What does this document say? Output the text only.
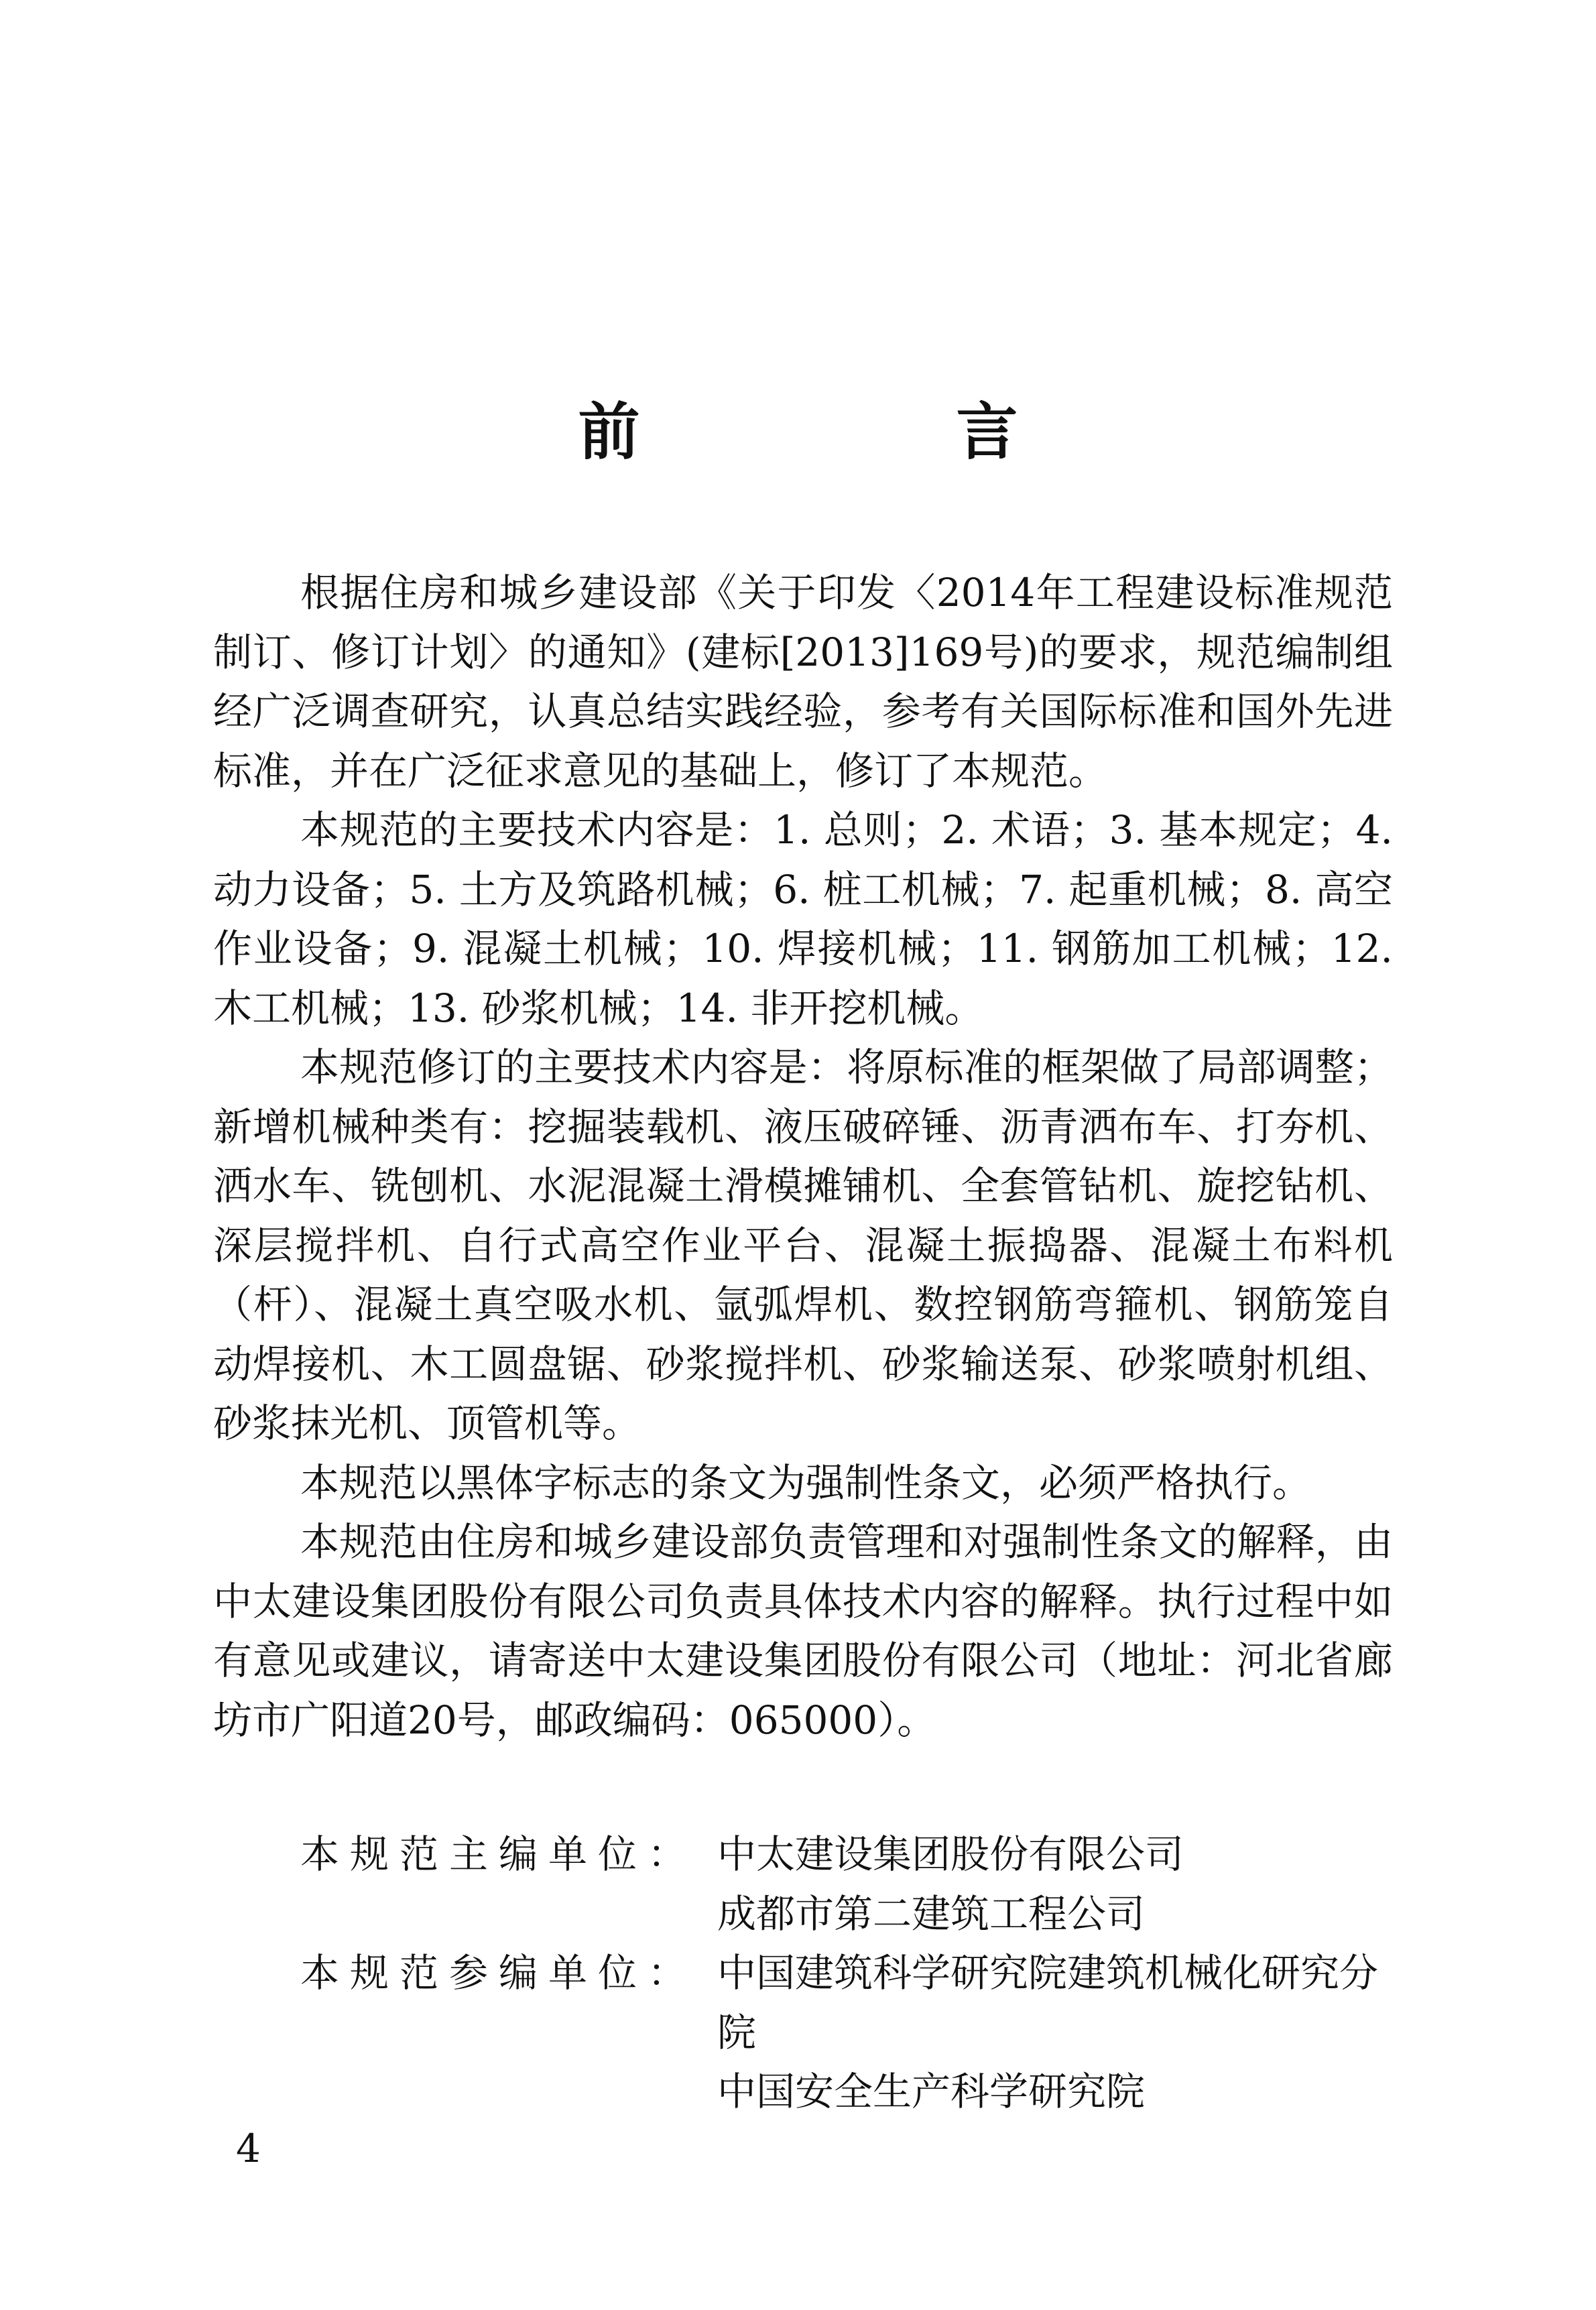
前 言

根据住房和城乡建设部《关于印发〈2014年工程建设标准规范制订、修订计划〉的通知》(建标[2013]169号)的要求，规范编制组经广泛调查研究，认真总结实践经验，参考有关国际标准和国外先进标准，并在广泛征求意见的基础上，修订了本规范。

本规范的主要技术内容是：1. 总则；2. 术语；3. 基本规定；4. 动力设备；5. 土方及筑路机械；6. 桩工机械；7. 起重机械；8. 高空作业设备；9. 混凝土机械；10. 焊接机械；11. 钢筋加工机械；12. 木工机械；13. 砂浆机械；14. 非开挖机械。

本规范修订的主要技术内容是：将原标准的框架做了局部调整；新增机械种类有：挖掘装载机、液压破碎锤、沥青洒布车、打夯机、洒水车、铣刨机、水泥混凝土滑模摊铺机、全套管钻机、旋挖钻机、深层搅拌机、自行式高空作业平台、混凝土振捣器、混凝土布料机（杆）、混凝土真空吸水机、氩弧焊机、数控钢筋弯箍机、钢筋笼自动焊接机、木工圆盘锯、砂浆搅拌机、砂浆输送泵、砂浆喷射机组、砂浆抹光机、顶管机等。

本规范以黑体字标志的条文为强制性条文，必须严格执行。

本规范由住房和城乡建设部负责管理和对强制性条文的解释，由中太建设集团股份有限公司负责具体技术内容的解释。执行过程中如有意见或建议，请寄送中太建设集团股份有限公司（地址：河北省廊坊市广阳道20号，邮政编码：065000）。

本规范主编单位： 中太建设集团股份有限公司
成都市第二建筑工程公司
本规范参编单位： 中国建筑科学研究院建筑机械化研究分院
中国安全生产科学研究院
4
